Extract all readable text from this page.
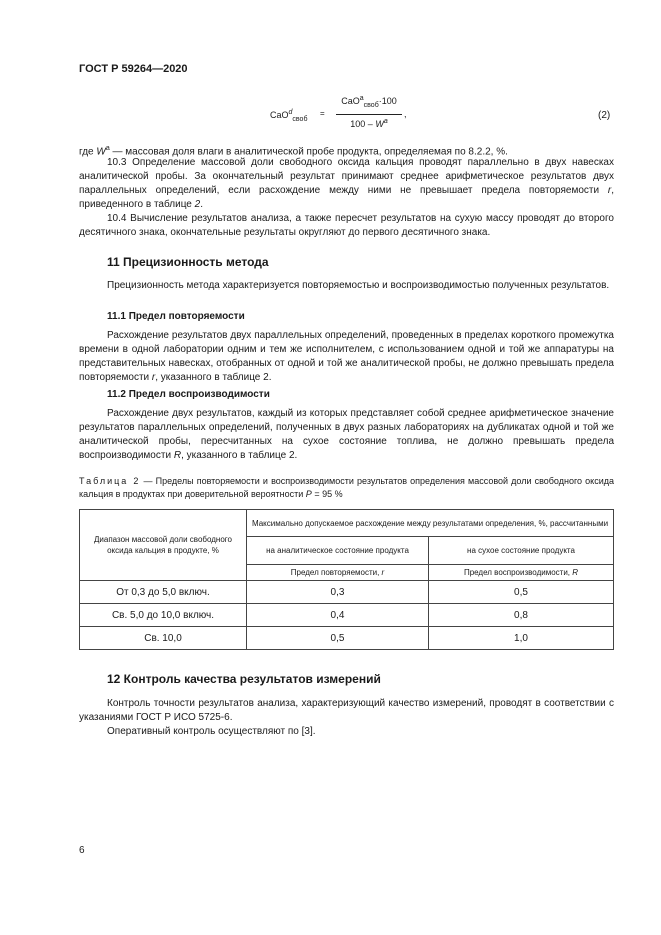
ГОСТ Р 59264—2020
CaO$^d_{своб}$
=
CaO$^a_{своб}$·100
$100 - W^a$
,	(2)
где $W^a$ — массовая доля влаги в аналитической пробе продукта, определяемая по 8.2.2, %.
10.3 Определение массовой доли свободного оксида кальция проводят параллельно в двух навесках аналитической пробы. За окончательный результат принимают среднее арифметическое результатов двух параллельных определений, если расхождение между ними не превышает предела повторяемости r, приведенного в таблице 2.
10.4 Вычисление результатов анализа, а также пересчет результатов на сухую массу проводят до второго десятичного знака, окончательные результаты округляют до первого десятичного знака.
11 Прецизионность метода
Прецизионность метода характеризуется повторяемостью и воспроизводимостью полученных результатов.
11.1 Предел повторяемости
Расхождение результатов двух параллельных определений, проведенных в пределах короткого промежутка времени в одной лаборатории одним и тем же исполнителем, с использованием одной и той же аппаратуры на представительных навесках, отобранных от одной и той же аналитической пробы, не должно превышать предела повторяемости r, указанного в таблице 2.
11.2 Предел воспроизводимости
Расхождение двух результатов, каждый из которых представляет собой среднее арифметическое значение результатов параллельных определений, полученных в двух разных лабораториях на дубликатах одной и той же аналитической пробы, пересчитанных на сухое состояние топлива, не должно превышать предела воспроизводимости R, указанного в таблице 2.
Таблица 2 — Пределы повторяемости и воспроизводимости результатов определения массовой доли свободного оксида кальция в продуктах при доверительной вероятности P = 95 %
Диапазон массовой доли свободного оксида кальция в продукте, %	Максимально допускаемое расхождение между результатами определения, %, рассчитанными	
	на аналитическое состояние продукта	на сухое состояние продукта
	Предел повторяемости, r	Предел воспроизводимости, R
От 0,3 до 5,0 включ.	0,3	0,5
Св. 5,0 до 10,0 включ.	0,4	0,8
Св. 10,0	0,5	1,0
12 Контроль качества результатов измерений
Контроль точности результатов анализа, характеризующий качество измерений, проводят в соответствии с указаниями ГОСТ Р ИСО 5725-6.
Оперативный контроль осуществляют по [3].
6
